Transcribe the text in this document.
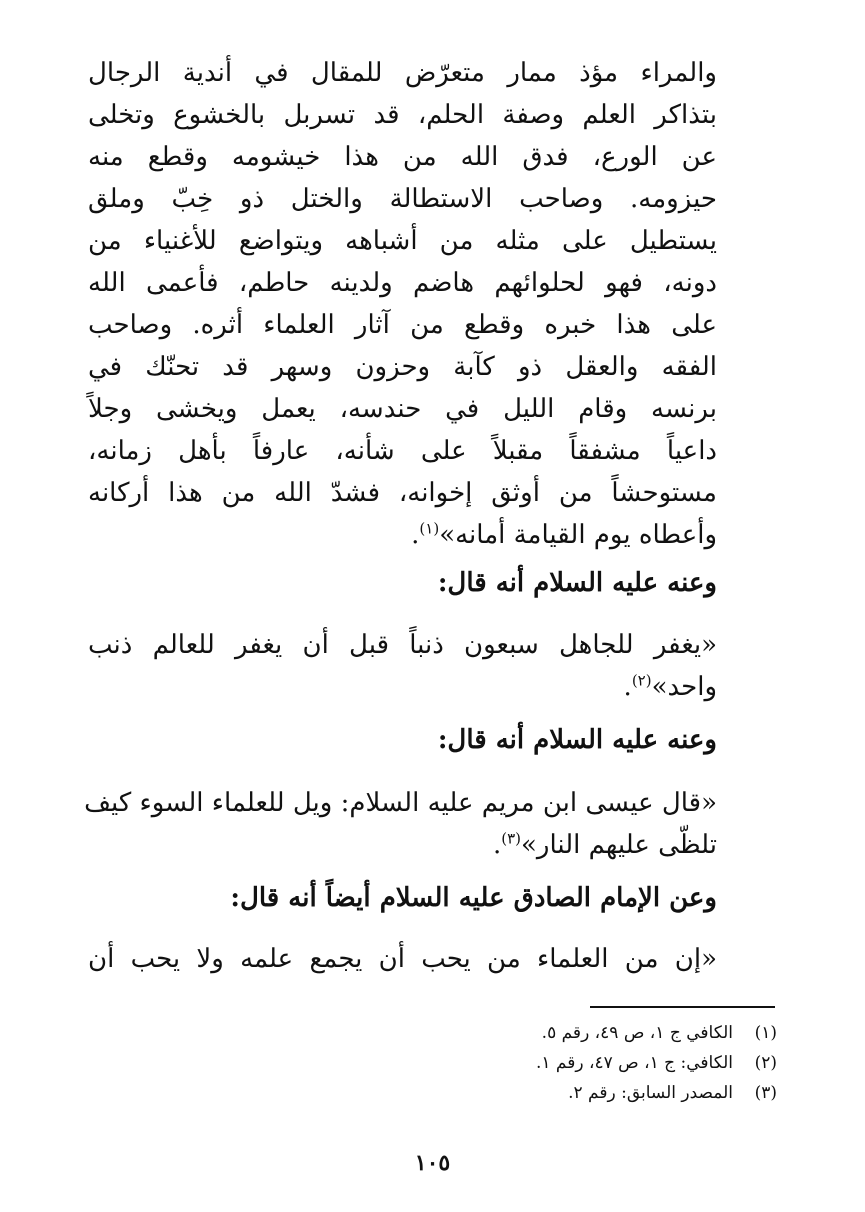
والمراء مؤذ ممار متعرّض للمقال في أندية الرجال
بتذاكر العلم وصفة الحلم، قد تسربل بالخشوع وتخلى
عن الورع، فدق الله من هذا خيشومه وقطع منه
حيزومه. وصاحب الاستطالة والختل ذو خِبّ وملق
يستطيل على مثله من أشباهه ويتواضع للأغنياء من
دونه، فهو لحلوائهم هاضم ولدينه حاطم، فأعمى الله
على هذا خبره وقطع من آثار العلماء أثره. وصاحب
الفقه والعقل ذو كآبة وحزون وسهر قد تحنّك في
برنسه وقام الليل في حندسه، يعمل ويخشى وجلاً
داعياً مشفقاً مقبلاً على شأنه، عارفاً بأهل زمانه،
مستوحشاً من أوثق إخوانه، فشدّ الله من هذا أركانه
وأعطاه يوم القيامة أمانه»$^{(١)}$.
وعنه عليه السلام أنه قال:
«يغفر للجاهل سبعون ذنباً قبل أن يغفر للعالم ذنب
واحد»$^{(٢)}$.
وعنه عليه السلام أنه قال:
«قال عيسى ابن مريم عليه السلام: ويل للعلماء السوء كيف
تلظّى عليهم النار»$^{(٣)}$.
وعن الإمام الصادق عليه السلام أيضاً أنه قال:
«إن من العلماء من يحب أن يجمع علمه ولا يحب أن
(١)
الكافي ج ١، ص ٤٩، رقم ٥.
(٢)
الكافي: ج ١، ص ٤٧، رقم ١.
(٣)
المصدر السابق: رقم ٢.
١٠٥
